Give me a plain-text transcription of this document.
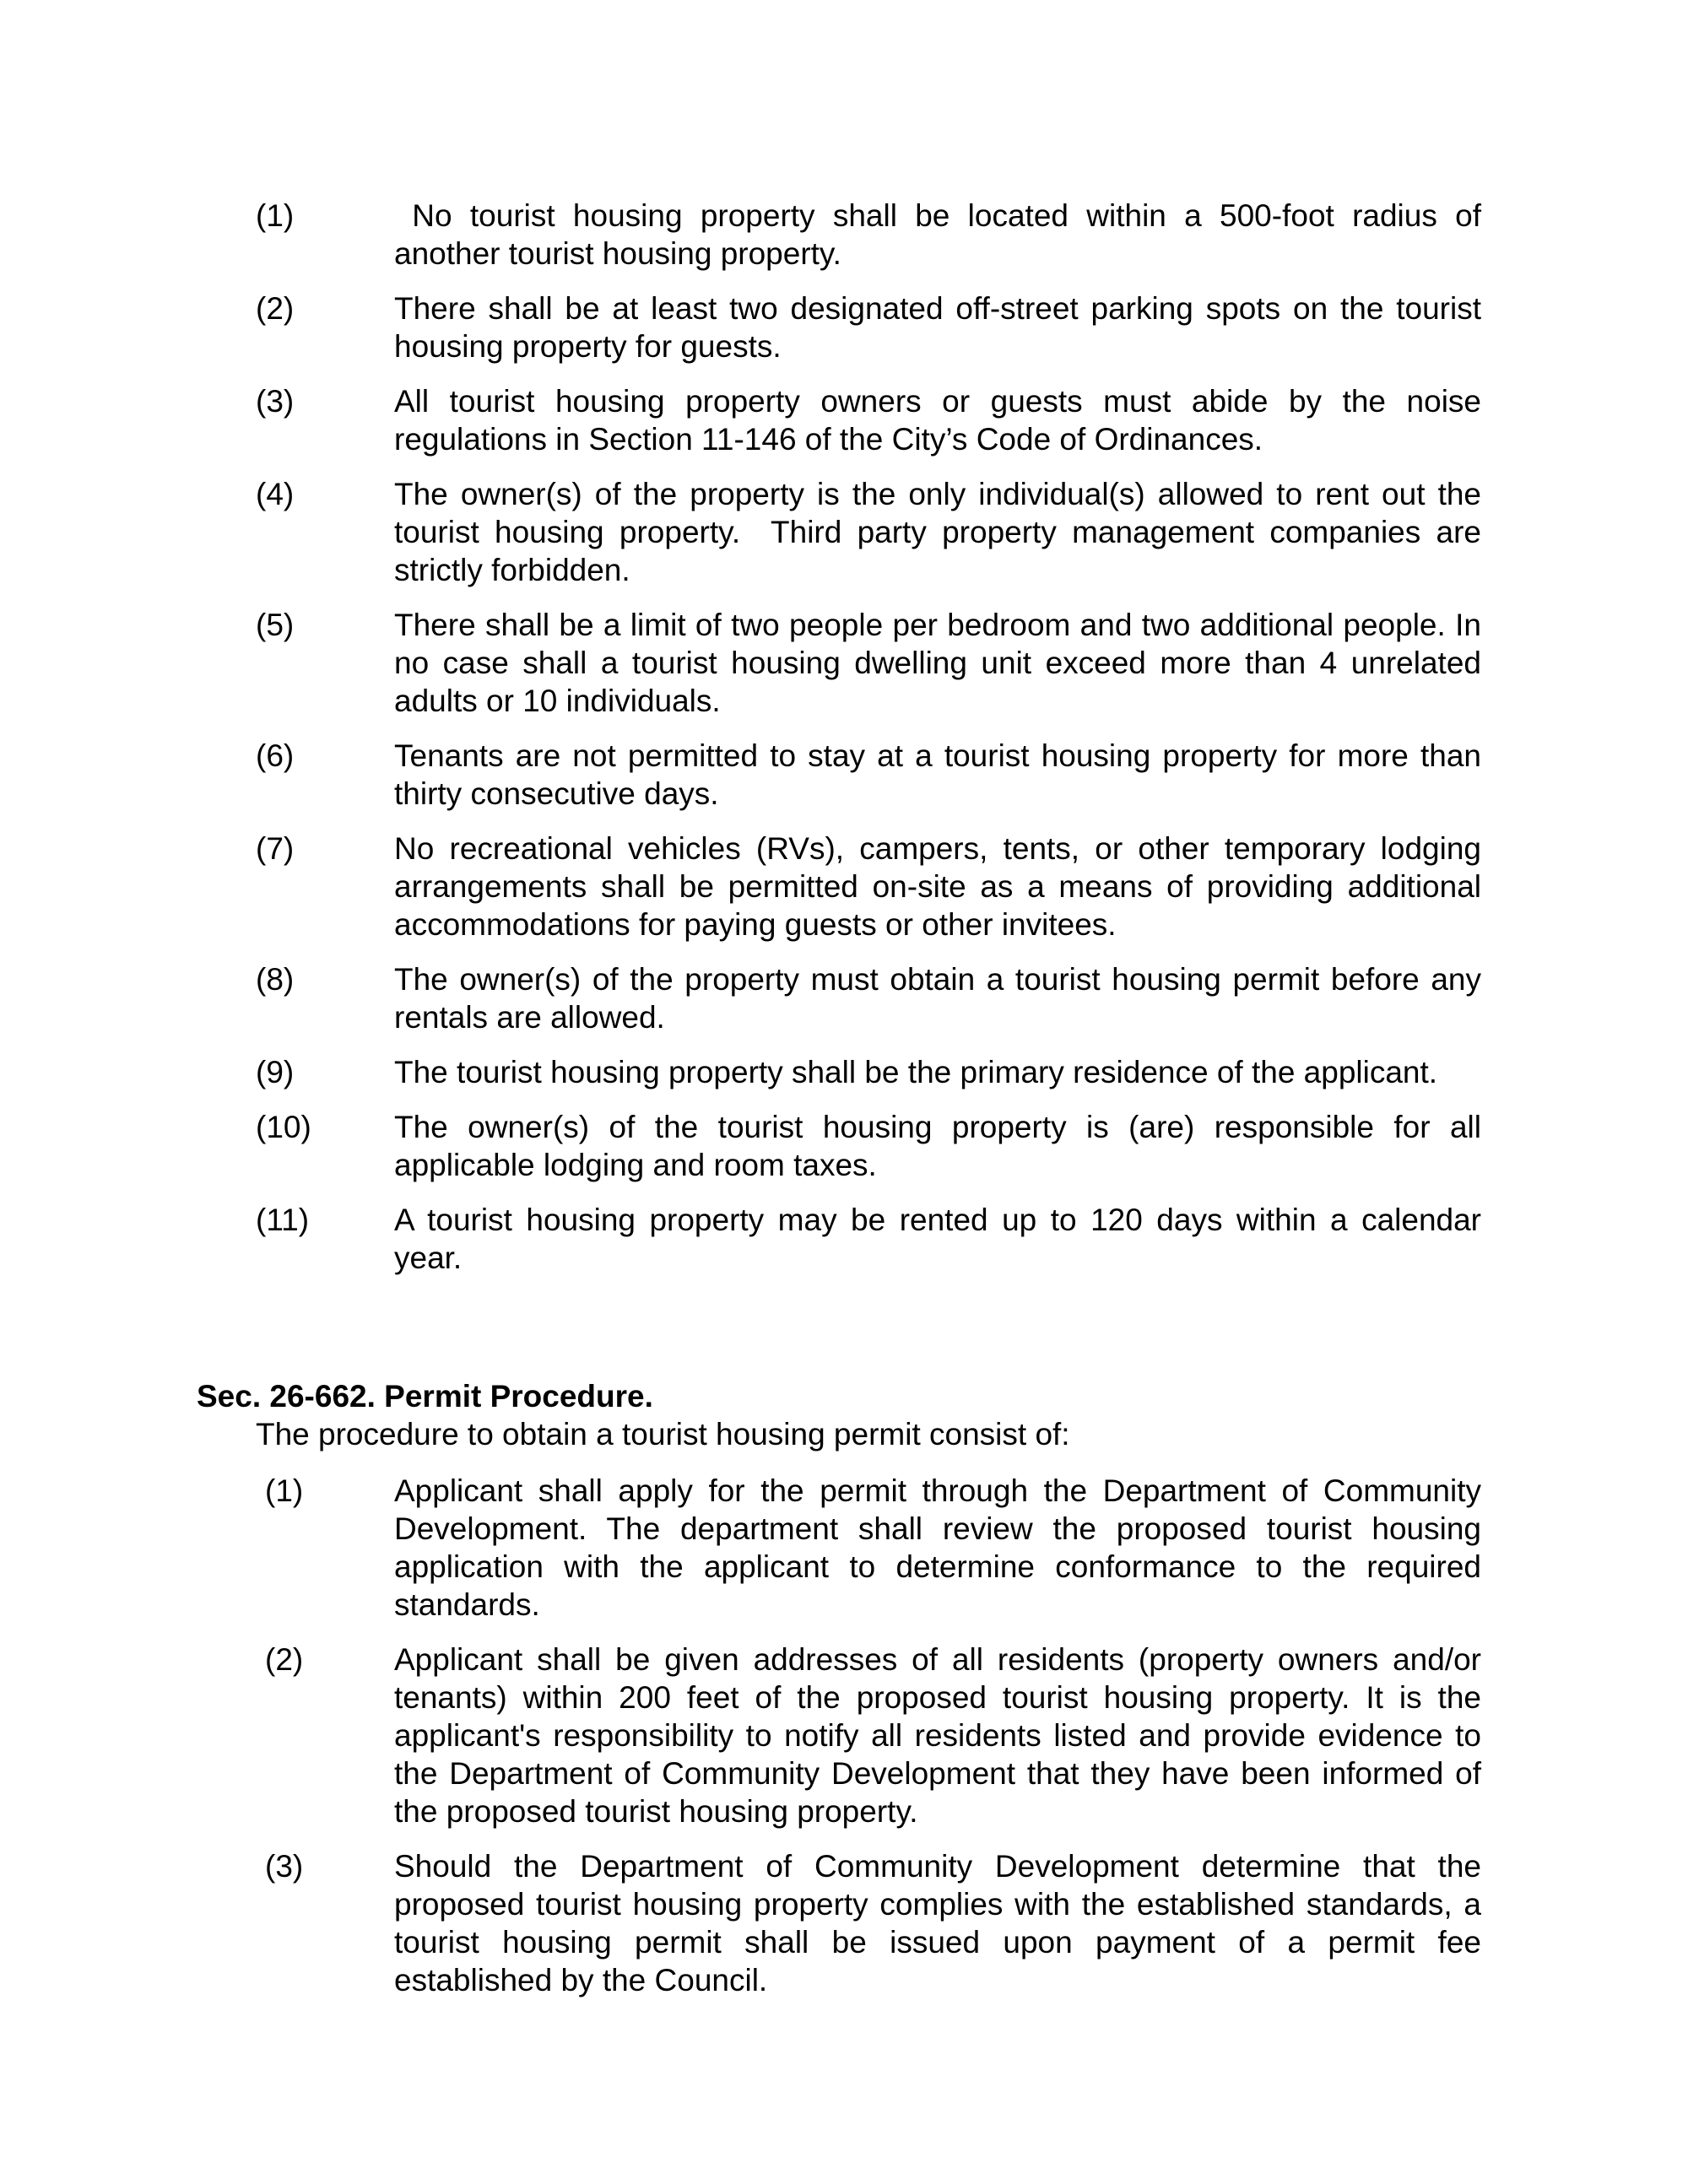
(1)	No tourist housing property shall be located within a 500-foot radius of another tourist housing property.
(2)	There shall be at least two designated off-street parking spots on the tourist housing property for guests.
(3)	All tourist housing property owners or guests must abide by the noise regulations in Section 11-146 of the City’s Code of Ordinances.
(4)	The owner(s) of the property is the only individual(s) allowed to rent out the tourist housing property.  Third party property management companies are strictly forbidden.
(5)	There shall be a limit of two people per bedroom and two additional people. In no case shall a tourist housing dwelling unit exceed more than 4 unrelated adults or 10 individuals.
(6)	Tenants are not permitted to stay at a tourist housing property for more than thirty consecutive days.
(7)	No recreational vehicles (RVs), campers, tents, or other temporary lodging arrangements shall be permitted on-site as a means of providing additional accommodations for paying guests or other invitees.
(8)	The owner(s) of the property must obtain a tourist housing permit before any rentals are allowed.
(9)	The tourist housing property shall be the primary residence of the applicant.
(10)	The owner(s) of the tourist housing property is (are) responsible for all applicable lodging and room taxes.
(11)	A tourist housing property may be rented up to 120 days within a calendar year.
Sec. 26-662. Permit Procedure.
The procedure to obtain a tourist housing permit consist of:
(1)	Applicant shall apply for the permit through the Department of Community Development. The department shall review the proposed tourist housing application with the applicant to determine conformance to the required standards.
(2)	Applicant shall be given addresses of all residents (property owners and/or tenants) within 200 feet of the proposed tourist housing property. It is the applicant's responsibility to notify all residents listed and provide evidence to the Department of Community Development that they have been informed of the proposed tourist housing property.
(3)	Should the Department of Community Development determine that the proposed tourist housing property complies with the established standards, a tourist housing permit shall be issued upon payment of a permit fee established by the Council.
